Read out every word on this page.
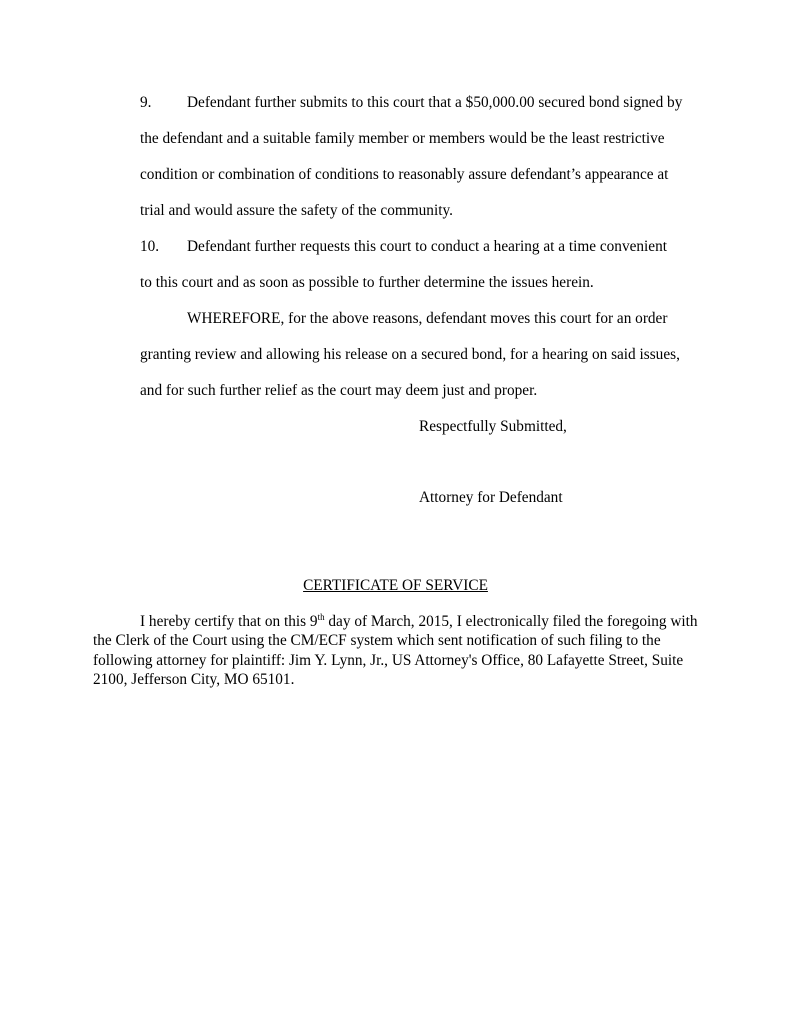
9. Defendant further submits to this court that a $50,000.00 secured bond signed by
the defendant and a suitable family member or members would be the least restrictive
condition or combination of conditions to reasonably assure defendant’s appearance at
trial and would assure the safety of the community.
10. Defendant further requests this court to conduct a hearing at a time convenient
to this court and as soon as possible to further determine the issues herein.
WHEREFORE, for the above reasons, defendant moves this court for an order
granting review and allowing his release on a secured bond, for a hearing on said issues,
and for such further relief as the court may deem just and proper.
Respectfully Submitted,
Attorney for Defendant
CERTIFICATE OF SERVICE
I hereby certify that on this 9th day of March, 2015, I electronically filed the foregoing with the Clerk of the Court using the CM/ECF system which sent notification of such filing to the following attorney for plaintiff: Jim Y. Lynn, Jr., US Attorney's Office, 80 Lafayette Street, Suite 2100, Jefferson City, MO 65101.
